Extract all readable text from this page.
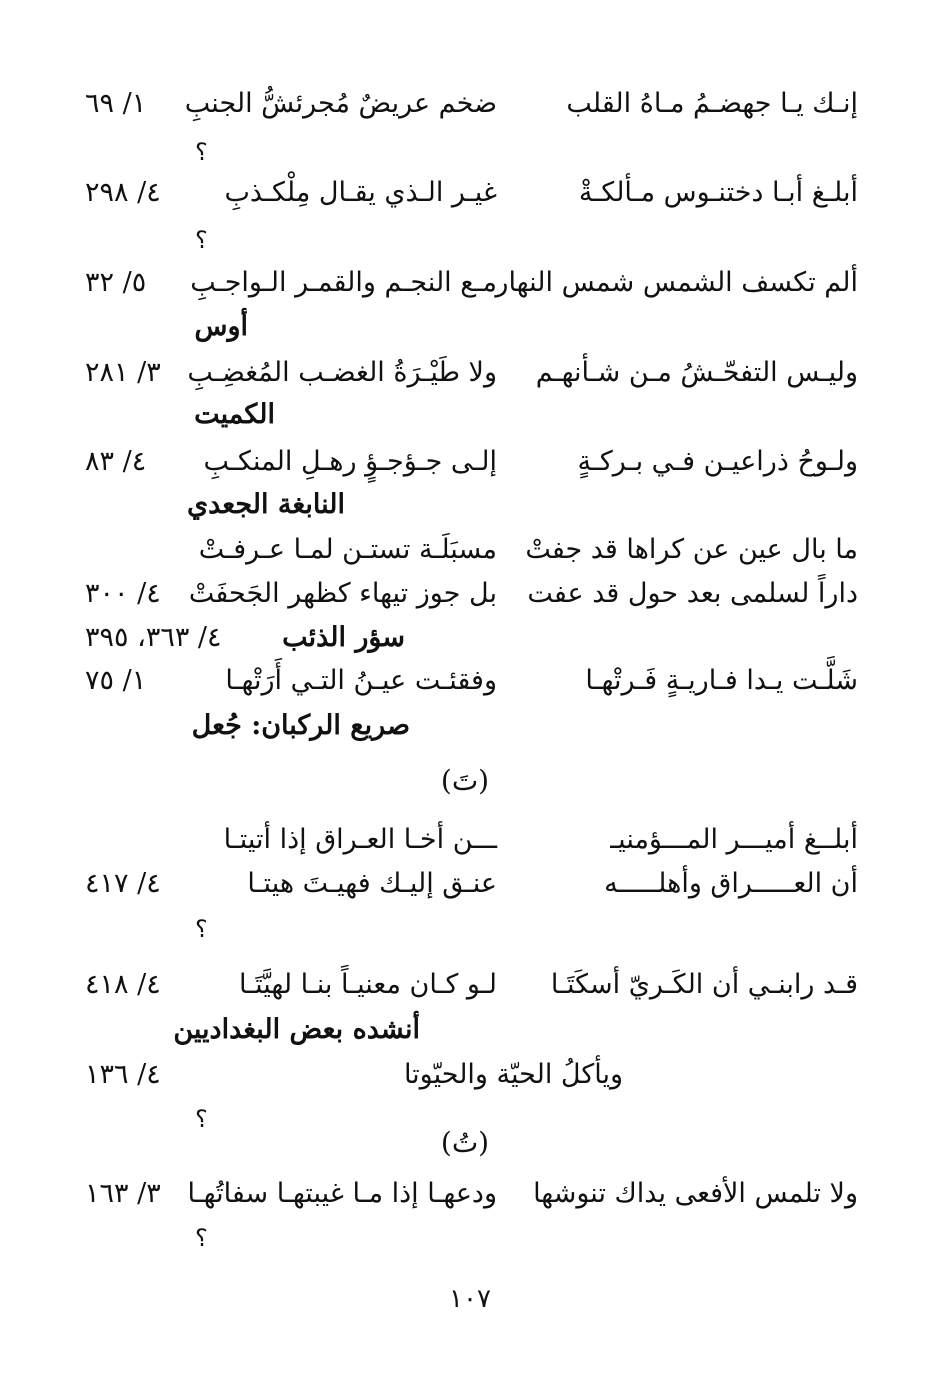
إنـك يـا جهضـمُ مـاهُ القلب
ضخم عريضٌ مُجرئشُّ الجنبِ
١/ ٦٩
؟
أبلـغ أبـا دختنـوس مـألكـةْ
غيـر الـذي يقـال مِلْكـذبِ
٤/ ٢٩٨
؟
ألم تكسف الشمس شمس النهار
مـع النجـم والقمـر الـواجـبِ
٥/ ٣٢
أوس
وليـس التفحّـشُ مـن شـأنهـم
ولا طَيْـرَةُ الغضـب المُغضِـبِ
٣/ ٢٨١
الكميت
ولـوحُ ذراعيـن فـي بـركـةٍ
إلـى جـؤجـؤٍ رهـلِ المنكـبِ
٤/ ٨٣
النابغة الجعدي
ما بال عين عن كراها قد جفتْ
مسبَلَـة تستـن لمـا عـرفـتْ
داراً لسلمى بعد حول قد عفت
بل جوز تيهاء كظهر الجَحفَتْ
٤/ ٣٠٠
سؤر الذئب
٤/ ٣٦٣، ٣٩٥
شَلَّـت يـدا فـاريـةٍ فَـرتْهـا
وفقئـت عيـنُ التـي أَرَتْهـا
١/ ٧٥
صريع الركبان: جُعل
(تَ)
أبلــغ أميـــر المـــؤمنيـ
ـــن أخـا العـراق إذا أتيتـا
أن العـــــراق وأهلـــــه
عنـق إليـك فهيـتَ هيتـا
٤/ ٤١٧
؟
قـد رابنـي أن الكَـريّ أسكَتَـا
لـو كـان معنيـاً بنـا لهيَّتَـا
٤/ ٤١٨
أنشده بعض البغداديين
ويأكلُ الحيّة والحيّوتا
٤/ ١٣٦
؟
(تُ)
ولا تلمس الأفعى يداك تنوشها
ودعهـا إذا مـا غيبتهـا سفاتُهـا
٣/ ١٦٣
؟
١٠٧
